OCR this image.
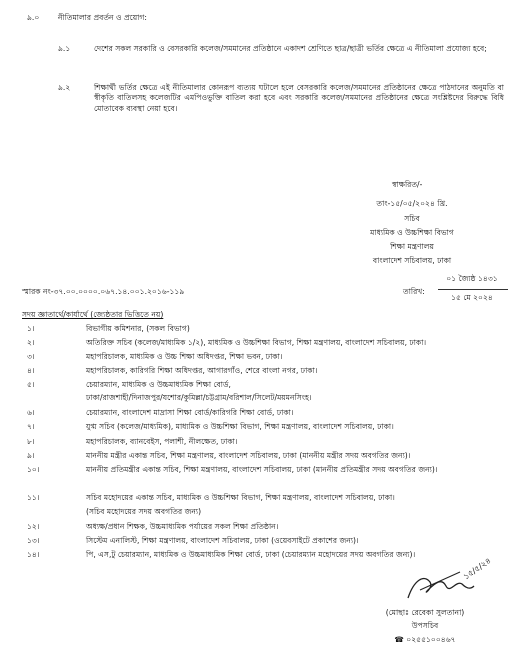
৯.০ নীতিমালার প্রবর্তন ও প্রয়োগ:
৯.১	দেশের সকল সরকারি ও বেসরকারি কলেজ/সমমানের প্রতিষ্ঠানে একাদশ শ্রেণিতে ছাত্র/ছাত্রী ভর্তির ক্ষেত্রে এ নীতিমালা প্রযোজ্য হবে;
৯.২	শিক্ষার্থী ভর্তির ক্ষেত্রে এই নীতিমালার কোনরূপ ব্যত্যয় ঘটালে হলে বেসরকারি কলেজ/সমমানের প্রতিষ্ঠানের ক্ষেত্রে পাঠদানের অনুমতি বা স্বীকৃতি বাতিলসহ কলেজটির এমপিওভুক্তি বাতিল করা হবে এবং সরকারি কলেজ/সমমানের প্রতিষ্ঠানের ক্ষেত্রে সংশ্লিষ্টদের বিরুদ্ধে বিধি মোতাবেক ব্যবস্থা নেয়া হবে।
স্বাক্ষরিত/-
তাং-১৫/০৫/২০২৪ খ্রি.
সচিব
মাধ্যমিক ও উচ্চশিক্ষা বিভাগ
শিক্ষা মন্ত্রণালয়
বাংলাদেশ সচিবালয়, ঢাকা
স্মারক নং-৩৭.০০.০০০০.০৬৭.১৪.০০১.২০১৬-১১৯	তারিখ:
০১ জ্যৈষ্ঠ ১৪৩১
১৫ মে ২০২৪
সদয় জ্ঞাতার্থে/কার্যার্থে (জ্যেষ্ঠতার ভিত্তিতে নয়)
১।	বিভাগীয় কমিশনার, (সকল বিভাগ)
২।	অতিরিক্ত সচিব (কলেজ/মাধ্যমিক ১/২), মাধ্যমিক ও উচ্চশিক্ষা বিভাগ, শিক্ষা মন্ত্রণালয়, বাংলাদেশ সচিবালয়, ঢাকা।
৩।	মহাপরিচালক, মাধ্যমিক ও উচ্চ শিক্ষা অধিদপ্তর, শিক্ষা ভবন, ঢাকা।
৪।	মহাপরিচালক, কারিগরি শিক্ষা অধিদপ্তর, আগারগাঁও, শেরে বাংলা নগর, ঢাকা।
৫।	চেয়ারম্যান, মাধ্যমিক ও উচ্চমাধ্যমিক শিক্ষা বোর্ড,
ঢাকা/রাজশাহী/দিনাজপুর/যশোর/কুমিল্লা/চট্টগ্রাম/বরিশাল/সিলেট/ময়মনসিংহ।
৬।	চেয়ারম্যান, বাংলাদেশ মাদ্রাসা শিক্ষা বোর্ড/কারিগরি শিক্ষা বোর্ড, ঢাকা।
৭।	যুগ্ম সচিব (কলেজ/মাধ্যমিক), মাধ্যমিক ও উচ্চশিক্ষা বিভাগ, শিক্ষা মন্ত্রণালয়, বাংলাদেশ সচিবালয়, ঢাকা।
৮।	মহাপরিচালক, ব্যানবেইস, পলাশী, নীলক্ষেত, ঢাকা।
৯।	মাননীয় মন্ত্রীর একান্ত সচিব, শিক্ষা মন্ত্রণালয়, বাংলাদেশ সচিবালয়, ঢাকা (মাননীয় মন্ত্রীর সদয় অবগতির জন্য)।
১০।	মাননীয় প্রতিমন্ত্রীর একান্ত সচিব, শিক্ষা মন্ত্রণালয়, বাংলাদেশ সচিবালয়, ঢাকা (মাননীয় প্রতিমন্ত্রীর সদয় অবগতির জন্য)।
১১।	সচিব মহোদয়ের একান্ত সচিব, মাধ্যমিক ও উচ্চশিক্ষা বিভাগ, শিক্ষা মন্ত্রণালয়, বাংলাদেশ সচিবালয়, ঢাকা।
(সচিব মহোদয়ের সদয় অবগতির জন্য)
১২।	অধ্যক্ষ/প্রধান শিক্ষক, উচ্চমাধ্যমিক পর্যায়ের সকল শিক্ষা প্রতিষ্ঠান।
১৩।	সিস্টেম এনালিস্ট, শিক্ষা মন্ত্রণালয়, বাংলাদেশ সচিবালয়, ঢাকা (ওয়েবসাইটে প্রকাশের জন্য)।
১৪।	পি, এস,টু চেয়ারম্যান, মাধ্যমিক ও উচ্চমাধ্যমিক শিক্ষা বোর্ড, ঢাকা (চেয়ারম্যান মহোদয়ের সদয় অবগতির জন্য)।
১৫/৫/২৪
(মোছাঃ রেবেকা সুলতানা)
উপসচিব
☎ ০২৫৫১০০৪৬৭
